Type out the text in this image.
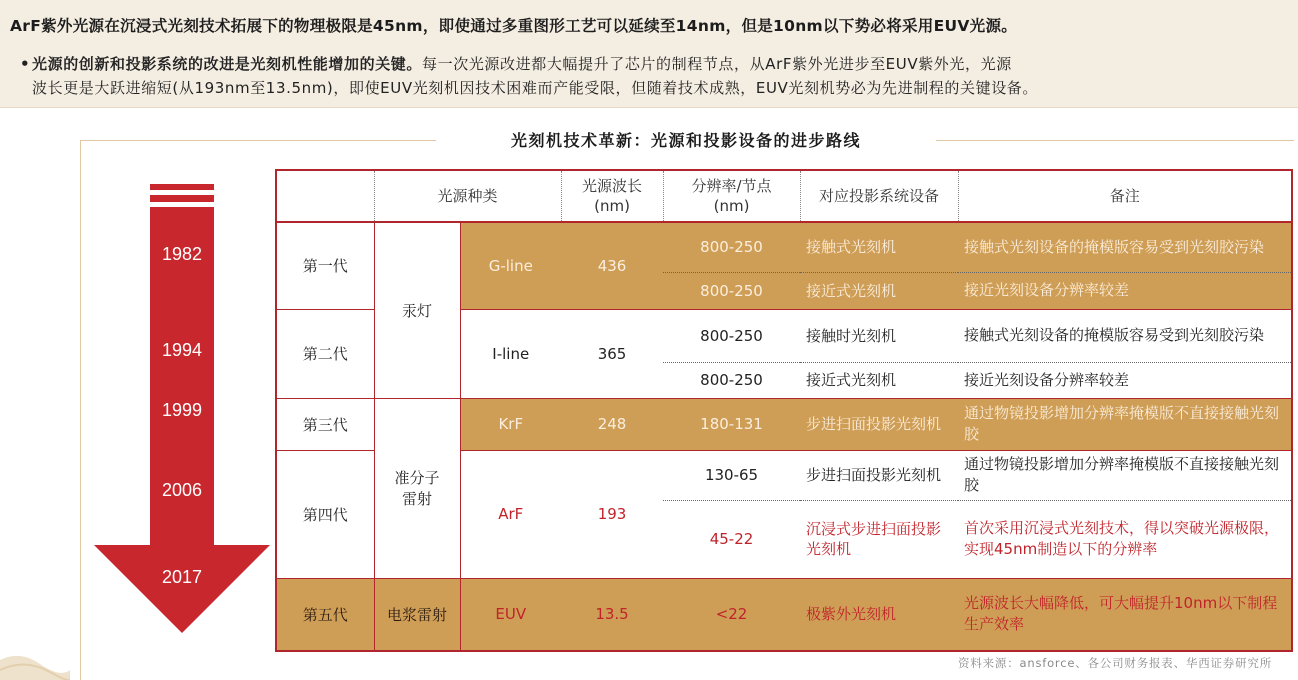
ArF紫外光源在沉浸式光刻技术拓展下的物理极限是45nm，即使通过多重图形工艺可以延续至14nm，但是10nm以下势必将采用EUV光源。
• 光源的创新和投影系统的改进是光刻机性能增加的关键。每一次光源改进都大幅提升了芯片的制程节点，从ArF紫外光进步至EUV紫外光，光源
波长更是大跃进缩短(从193nm至13.5nm)，即使EUV光刻机因技术困难而产能受限，但随着技术成熟，EUV光刻机势必为先进制程的关键设备。
光刻机技术革新：光源和投影设备的进步路线
1982
1994
1999
2006
2017
	光源种类		光源波长
(nm)	分辨率/节点
(nm)	对应投影系统设备	备注
第一代	汞灯	G-line	436	800-250	接触式光刻机	接触式光刻设备的掩模版容易受到光刻胶污染
				800-250	接近式光刻机	接近光刻设备分辨率较差
第二代		I-line	365	800-250	接触时光刻机	接触式光刻设备的掩模版容易受到光刻胶污染
				800-250	接近式光刻机	接近光刻设备分辨率较差
第三代	准分子
雷射	KrF	248	180-131	步进扫面投影光刻机	通过物镜投影增加分辨率掩模版不直接接触光刻胶
第四代		ArF	193	130-65	步进扫面投影光刻机	通过物镜投影增加分辨率掩模版不直接接触光刻胶
				45-22	沉浸式步进扫面投影光刻机	首次采用沉浸式光刻技术，得以突破光源极限，实现45nm制造以下的分辨率
第五代	电浆雷射	EUV	13.5	<22	极紫外光刻机	光源波长大幅降低，可大幅提升10nm以下制程生产效率
资料来源：ansforce、各公司财务报表、华西证券研究所
